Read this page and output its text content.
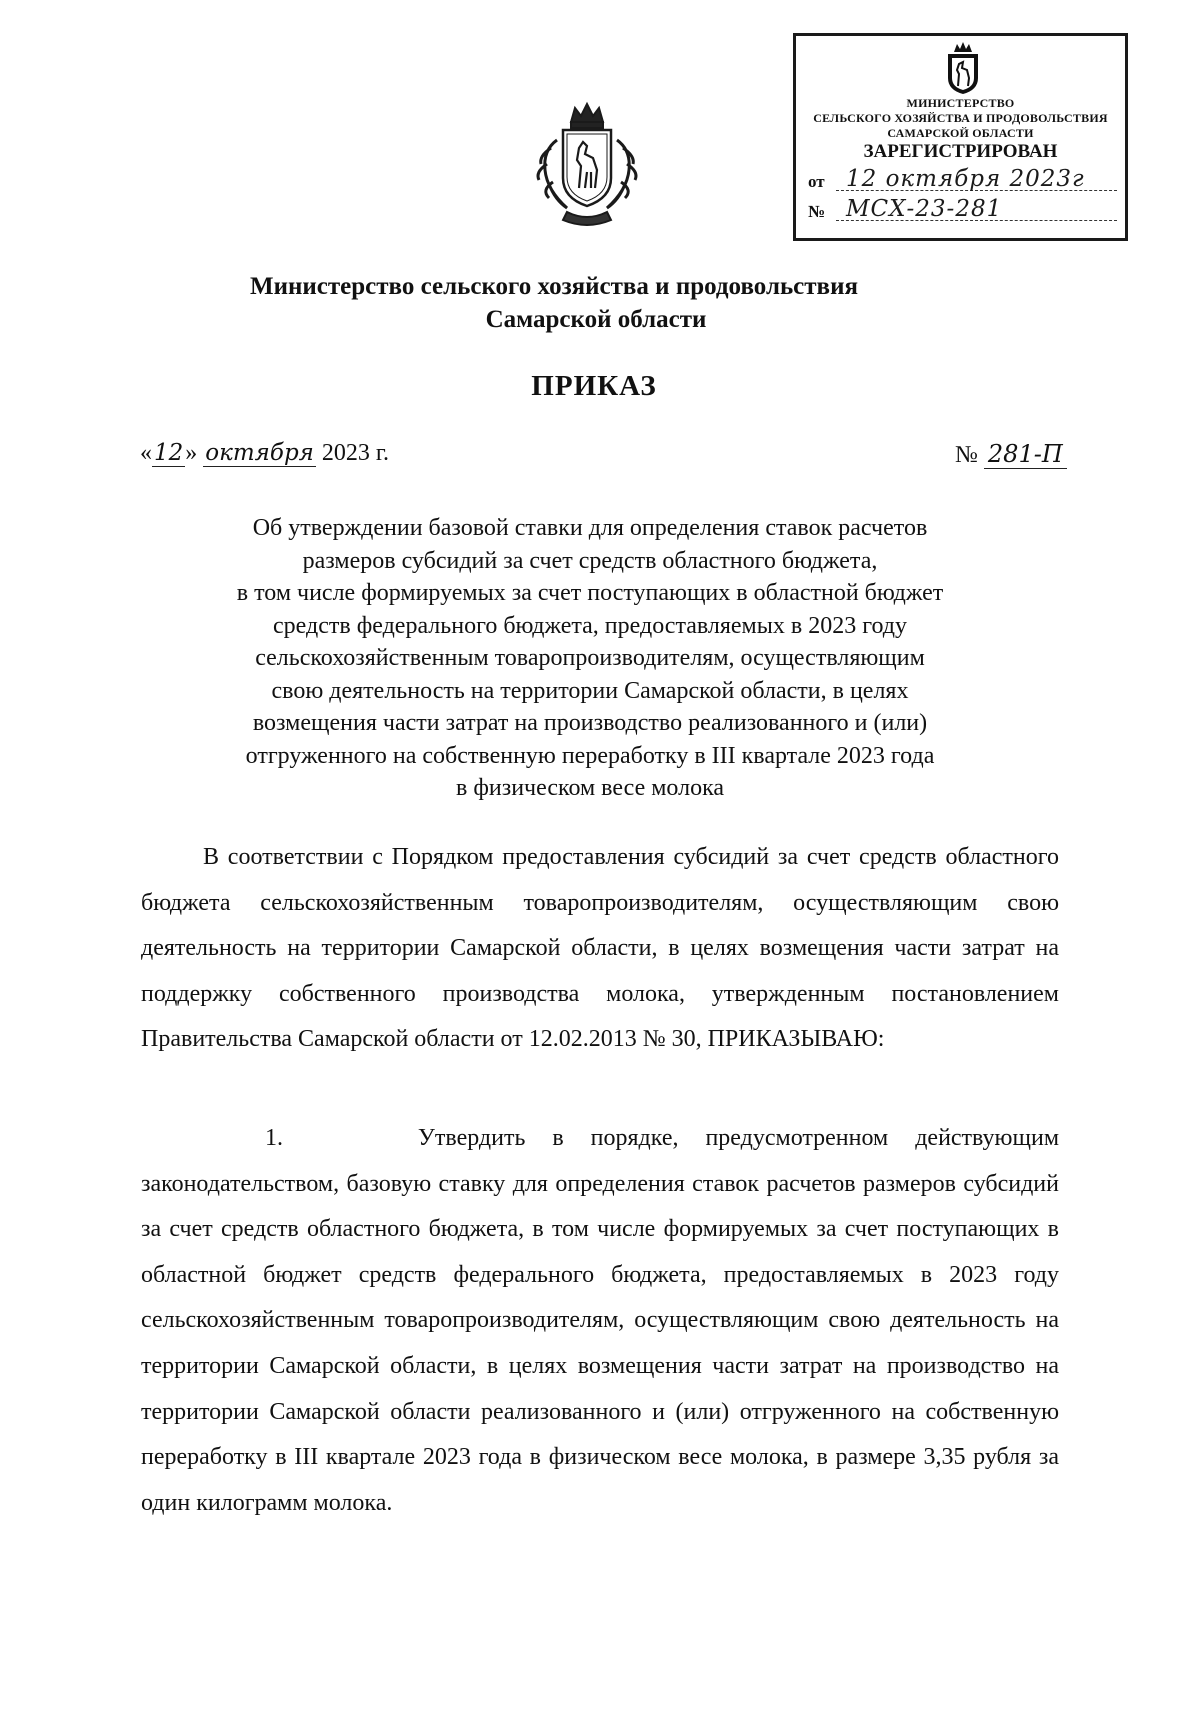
МИНИСТЕРСТВО
СЕЛЬСКОГО ХОЗЯЙСТВА И ПРОДОВОЛЬСТВИЯ
САМАРСКОЙ ОБЛАСТИ
ЗАРЕГИСТРИРОВАН
от 12 октября 2023г
№ МСХ-23-281
Министерство сельского хозяйства и продовольствия
Самарской области
ПРИКАЗ
«12» октября 2023 г.	№ 281-П
Об утверждении базовой ставки для определения ставок расчетов
размеров субсидий за счет средств областного бюджета,
в том числе формируемых за счет поступающих в областной бюджет
средств федерального бюджета, предоставляемых в 2023 году
сельскохозяйственным товаропроизводителям, осуществляющим
свою деятельность на территории Самарской области, в целях
возмещения части затрат на производство реализованного и (или)
отгруженного на собственную переработку в III квартале 2023 года
в физическом весе молока
В соответствии с Порядком предоставления субсидий за счет средств областного бюджета сельскохозяйственным товаропроизводителям, осуществляющим свою деятельность на территории Самарской области, в целях возмещения части затрат на поддержку собственного производства молока, утвержденным постановлением Правительства Самарской области от 12.02.2013 № 30, ПРИКАЗЫВАЮ:
1.	Утвердить в порядке, предусмотренном действующим законодательством, базовую ставку для определения ставок расчетов размеров субсидий за счет средств областного бюджета, в том числе формируемых за счет поступающих в областной бюджет средств федерального бюджета, предоставляемых в 2023 году сельскохозяйственным товаропроизводителям, осуществляющим свою деятельность на территории Самарской области, в целях возмещения части затрат на производство на территории Самарской области реализованного и (или) отгруженного на собственную переработку в III квартале 2023 года в физическом весе молока, в размере 3,35 рубля за один килограмм молока.
